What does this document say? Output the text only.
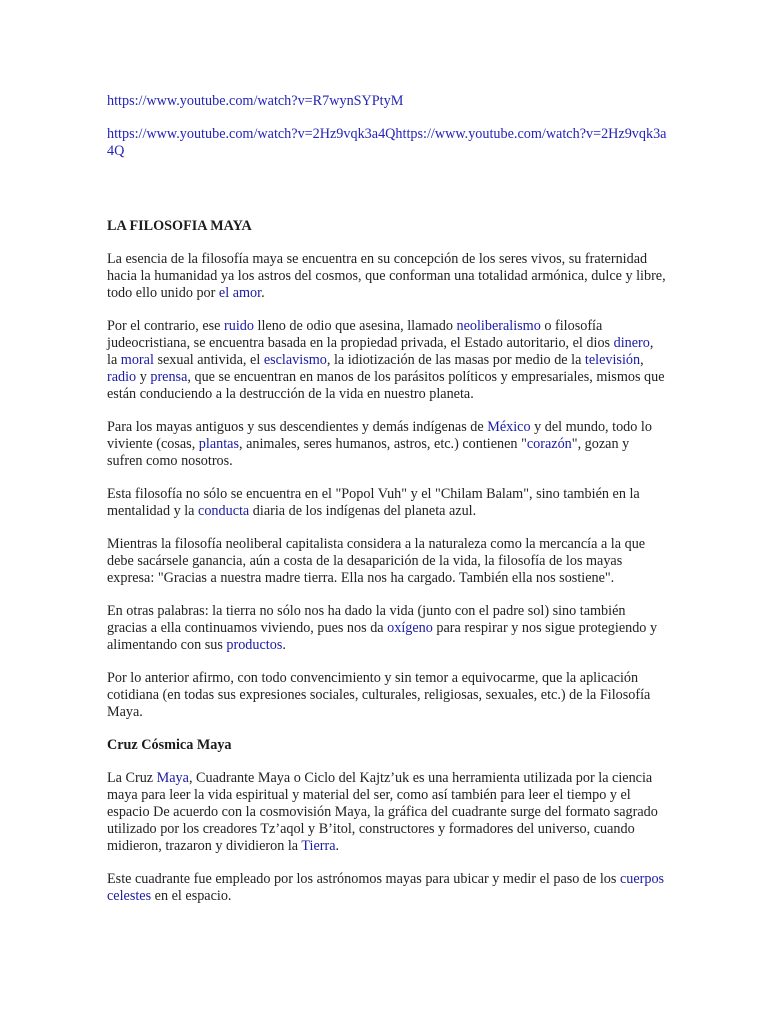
https://www.youtube.com/watch?v=R7wynSYPtyM
https://www.youtube.com/watch?v=2Hz9vqk3a4Qhttps://www.youtube.com/watch?v=2Hz9vqk3a4Q
LA FILOSOFIA MAYA

La esencia de la filosofía maya se encuentra en su concepción de los seres vivos, su fraternidad hacia la humanidad ya los astros del cosmos, que conforman una totalidad armónica, dulce y libre, todo ello unido por el amor.

Por el contrario, ese ruido lleno de odio que asesina, llamado neoliberalismo o filosofía judeocristiana, se encuentra basada en la propiedad privada, el Estado autoritario, el dios dinero, la moral sexual antivida, el esclavismo, la idiotización de las masas por medio de la televisión, radio y prensa, que se encuentran en manos de los parásitos políticos y empresariales, mismos que están conduciendo a la destrucción de la vida en nuestro planeta.

Para los mayas antiguos y sus descendientes y demás indígenas de México y del mundo, todo lo viviente (cosas, plantas, animales, seres humanos, astros, etc.) contienen "corazón", gozan y sufren como nosotros.

Esta filosofía no sólo se encuentra en el "Popol Vuh" y el "Chilam Balam", sino también en la mentalidad y la conducta diaria de los indígenas del planeta azul.

Mientras la filosofía neoliberal capitalista considera a la naturaleza como la mercancía a la que debe sacársele ganancia, aún a costa de la desaparición de la vida, la filosofía de los mayas expresa: "Gracias a nuestra madre tierra. Ella nos ha cargado. También ella nos sostiene".

En otras palabras: la tierra no sólo nos ha dado la vida (junto con el padre sol) sino también gracias a ella continuamos viviendo, pues nos da oxígeno para respirar y nos sigue protegiendo y alimentando con sus productos.

Por lo anterior afirmo, con todo convencimiento y sin temor a equivocarme, que la aplicación cotidiana (en todas sus expresiones sociales, culturales, religiosas, sexuales, etc.) de la Filosofía Maya.

Cruz Cósmica Maya

La Cruz Maya, Cuadrante Maya o Ciclo del Kajtz’uk es una herramienta utilizada por la ciencia maya para leer la vida espiritual y material del ser, como así también para leer el tiempo y el espacio De acuerdo con la cosmovisión Maya, la gráfica del cuadrante surge del formato sagrado utilizado por los creadores Tz’aqol y B’itol, constructores y formadores del universo, cuando midieron, trazaron y dividieron la Tierra.

Este cuadrante fue empleado por los astrónomos mayas para ubicar y medir el paso de los cuerpos celestes en el espacio.
